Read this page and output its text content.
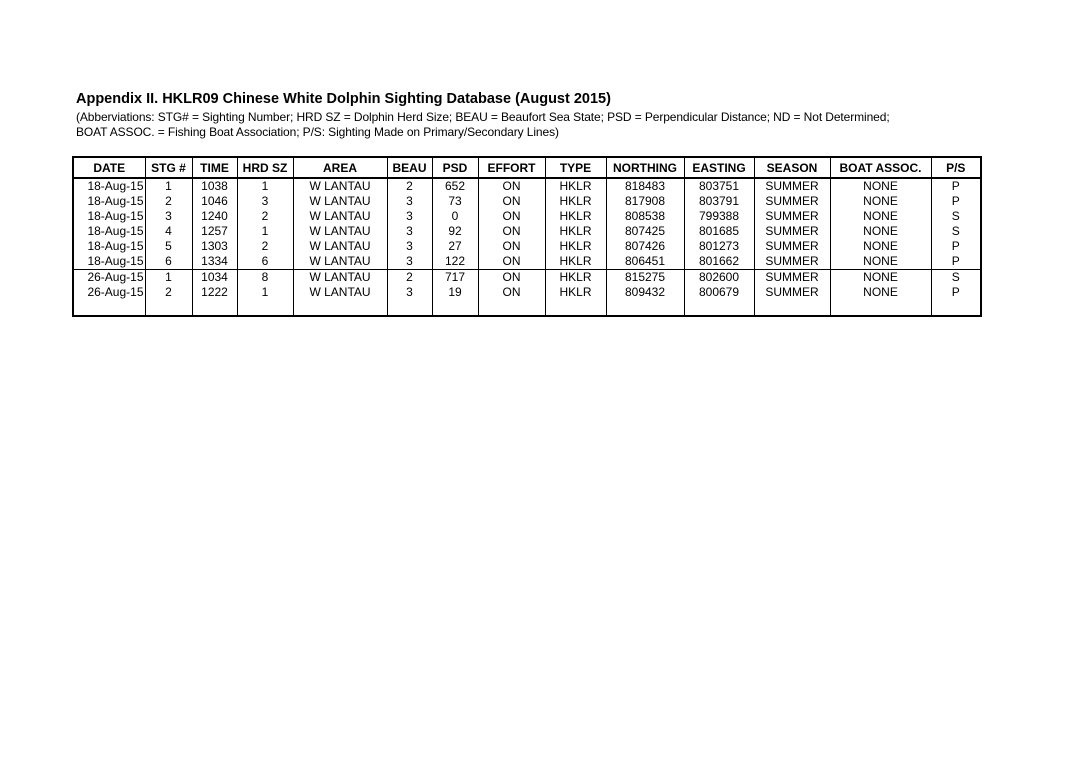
Appendix II. HKLR09 Chinese White Dolphin Sighting Database (August 2015)
(Abberviations: STG# = Sighting Number; HRD SZ = Dolphin Herd Size; BEAU = Beaufort Sea State; PSD = Perpendicular Distance; ND = Not Determined;
BOAT ASSOC. = Fishing Boat Association; P/S: Sighting Made on Primary/Secondary Lines)
DATE	STG #	TIME	HRD SZ	AREA	BEAU	PSD	EFFORT	TYPE	NORTHING	EASTING	SEASON	BOAT ASSOC.	P/S
18-Aug-15	1	1038	1	W LANTAU	2	652	ON	HKLR	818483	803751	SUMMER	NONE	P
18-Aug-15	2	1046	3	W LANTAU	3	73	ON	HKLR	817908	803791	SUMMER	NONE	P
18-Aug-15	3	1240	2	W LANTAU	3	0	ON	HKLR	808538	799388	SUMMER	NONE	S
18-Aug-15	4	1257	1	W LANTAU	3	92	ON	HKLR	807425	801685	SUMMER	NONE	S
18-Aug-15	5	1303	2	W LANTAU	3	27	ON	HKLR	807426	801273	SUMMER	NONE	P
18-Aug-15	6	1334	6	W LANTAU	3	122	ON	HKLR	806451	801662	SUMMER	NONE	P
26-Aug-15	1	1034	8	W LANTAU	2	717	ON	HKLR	815275	802600	SUMMER	NONE	S
26-Aug-15	2	1222	1	W LANTAU	3	19	ON	HKLR	809432	800679	SUMMER	NONE	P
